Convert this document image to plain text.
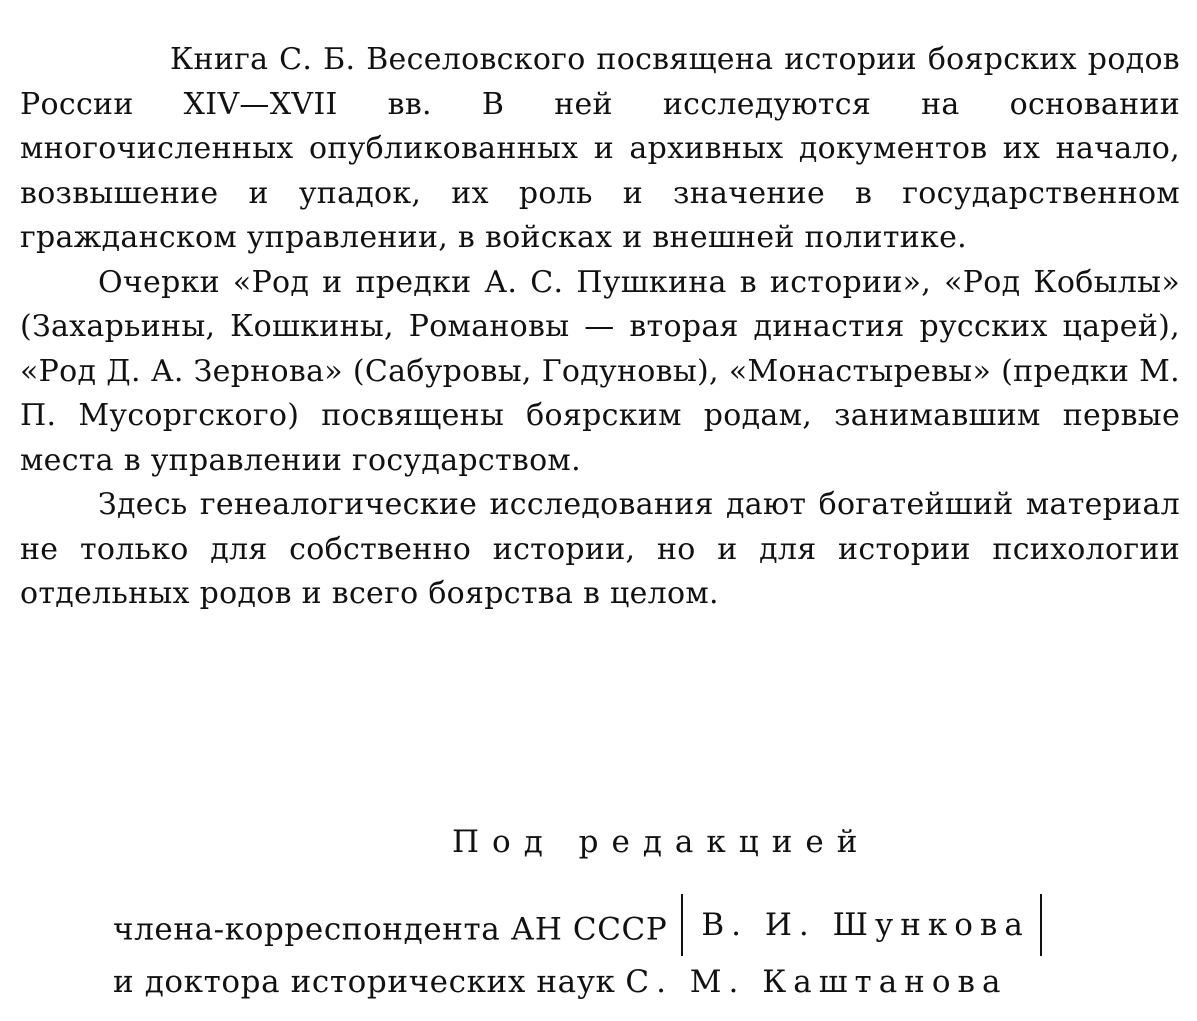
Книга С. Б. Веселовского посвящена истории боярских родов России XIV—XVII вв. В ней исследуются на основании многочисленных опубликованных и архивных документов их начало, возвышение и упадок, их роль и значение в государственном гражданском управлении, в войсках и внешней политике.

Очерки «Род и предки А. С. Пушкина в истории», «Род Кобылы» (Захарьины, Кошкины, Романовы — вторая династия русских царей), «Род Д. А. Зернова» (Сабуровы, Годуновы), «Монастыревы» (предки М. П. Мусоргского) посвящены боярским родам, занимавшим первые места в управлении государством.

Здесь генеалогические исследования дают богатейший материал не только для собственно истории, но и для истории психологии отдельных родов и всего боярства в целом.

Под редакцией
члена-корреспондента АН СССР В. И. Шункова
и доктора исторических наук С. М. Каштанова
